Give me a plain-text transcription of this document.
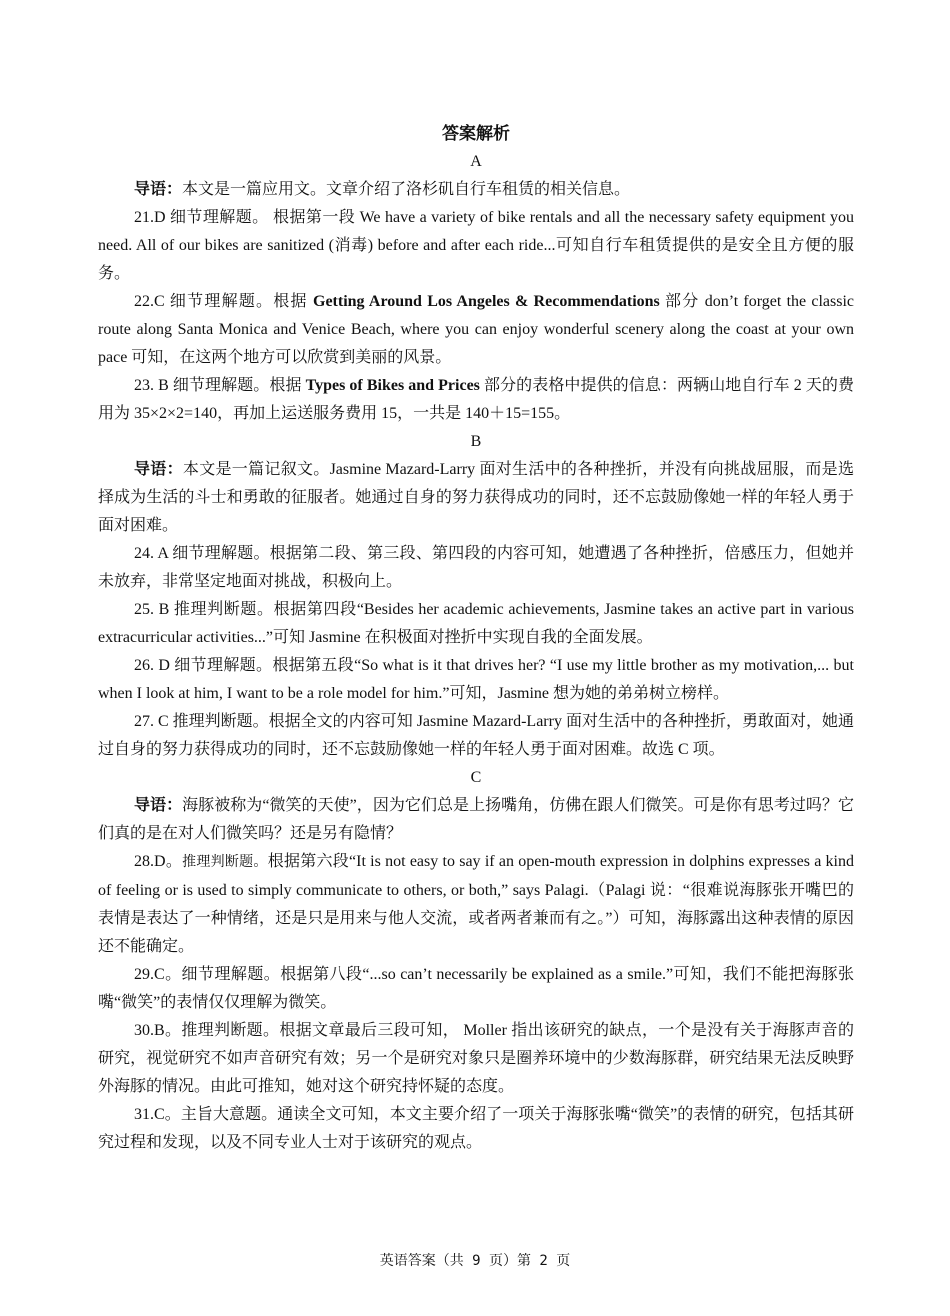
答案解析
A

导语：本文是一篇应用文。文章介绍了洛杉矶自行车租赁的相关信息。

21.D 细节理解题。 根据第一段 We have a variety of bike rentals and all the necessary safety equipment you need. All of our bikes are sanitized (消毒) before and after each ride...可知自行车租赁提供的是安全且方便的服务。

22.C 细节理解题。根据 Getting Around Los Angeles & Recommendations 部分 don’t forget the classic route along Santa Monica and Venice Beach, where you can enjoy wonderful scenery along the coast at your own pace 可知，在这两个地方可以欣赏到美丽的风景。

23. B 细节理解题。根据 Types of Bikes and Prices 部分的表格中提供的信息：两辆山地自行车 2 天的费用为 35×2×2=140，再加上运送服务费用 15，一共是 140＋15=155。

B

导语：本文是一篇记叙文。Jasmine Mazard-Larry 面对生活中的各种挫折，并没有向挑战屈服，而是选择成为生活的斗士和勇敢的征服者。她通过自身的努力获得成功的同时，还不忘鼓励像她一样的年轻人勇于面对困难。

24. A 细节理解题。根据第二段、第三段、第四段的内容可知，她遭遇了各种挫折，倍感压力，但她并未放弃，非常坚定地面对挑战，积极向上。

25. B 推理判断题。根据第四段“Besides her academic achievements, Jasmine takes an active part in various extracurricular activities...”可知 Jasmine 在积极面对挫折中实现自我的全面发展。

26. D 细节理解题。根据第五段“So what is it that drives her? “I use my little brother as my motivation,... but when I look at him, I want to be a role model for him.”可知，Jasmine 想为她的弟弟树立榜样。

27. C 推理判断题。根据全文的内容可知 Jasmine Mazard-Larry 面对生活中的各种挫折，勇敢面对，她通过自身的努力获得成功的同时，还不忘鼓励像她一样的年轻人勇于面对困难。故选 C 项。

C

导语：海豚被称为“微笑的天使”，因为它们总是上扬嘴角，仿佛在跟人们微笑。可是你有思考过吗？它们真的是在对人们微笑吗？还是另有隐情？

28.D。推理判断题。根据第六段“It is not easy to say if an open-mouth expression in dolphins expresses a kind of feeling or is used to simply communicate to others, or both,” says Palagi.（Palagi 说：“很难说海豚张开嘴巴的表情是表达了一种情绪，还是只是用来与他人交流，或者两者兼而有之。”）可知，海豚露出这种表情的原因还不能确定。

29.C。细节理解题。根据第八段“...so can’t necessarily be explained as a smile.”可知，我们不能把海豚张嘴“微笑”的表情仅仅理解为微笑。

30.B。推理判断题。根据文章最后三段可知， Moller 指出该研究的缺点，一个是没有关于海豚声音的研究，视觉研究不如声音研究有效；另一个是研究对象只是圈养环境中的少数海豚群，研究结果无法反映野外海豚的情况。由此可推知，她对这个研究持怀疑的态度。

31.C。主旨大意题。通读全文可知，本文主要介绍了一项关于海豚张嘴“微笑”的表情的研究，包括其研究过程和发现，以及不同专业人士对于该研究的观点。

英语答案（共 9 页）第 2 页
